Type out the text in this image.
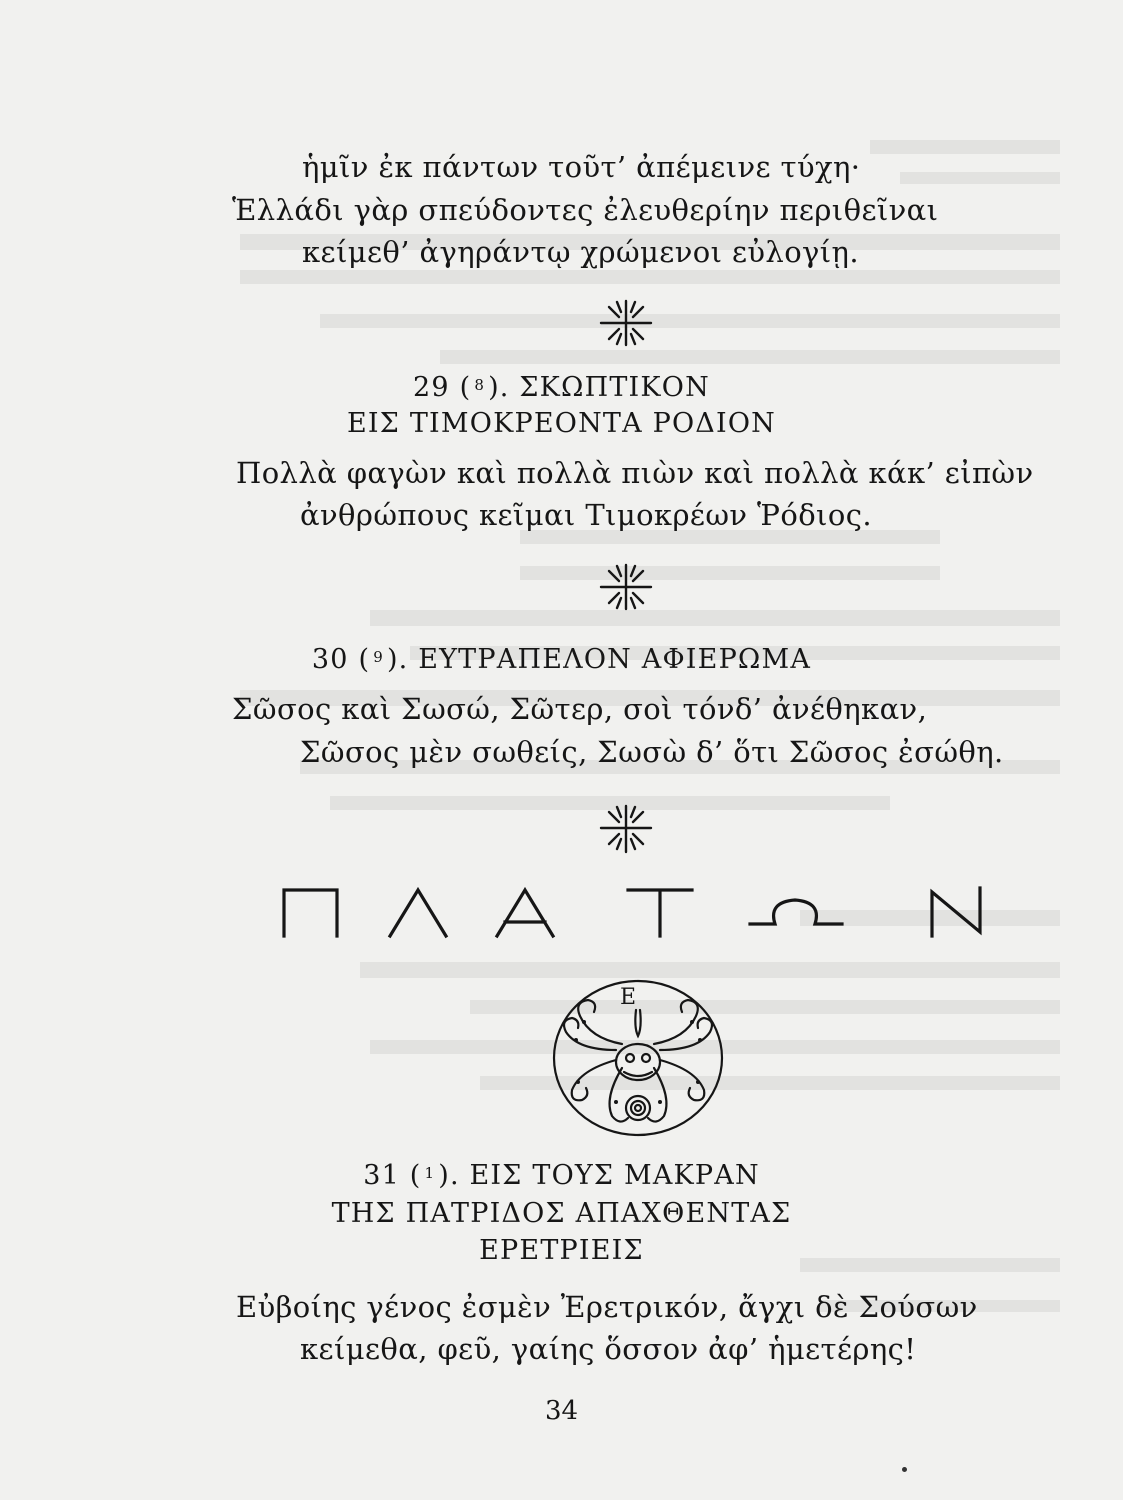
ἡμῖν ἐκ πάντων τοῦτ’ ἀπέμεινε τύχη·
Ἑλλάδι γὰρ σπεύδοντες ἐλευθερίην περιθεῖναι
κείμεθ’ ἀγηράντῳ χρώμενοι εὐλογίῃ.
29 ( $^8$ ). ΣΚΩΠΤΙΚΟΝ
ΕΙΣ ΤΙΜΟΚΡΕΟΝΤΑ ΡΟΔΙΟΝ
Πολλὰ φαγὼν καὶ πολλὰ πιὼν καὶ πολλὰ κάκ’ εἰπὼν
ἀνθρώπους κεῖμαι Τιμοκρέων Ῥόδιος.
30 ( $^9$ ). ΕΥΤΡΑΠΕΛΟΝ ΑΦΙΕΡΩΜΑ
Σῶσος καὶ Σωσώ, Σῶτερ, σοὶ τόνδ’ ἀνέθηκαν,
Σῶσος μὲν σωθείς, Σωσὼ δ’ ὅτι Σῶσος ἐσώθη.
Π	Λ	Α	Τ	Ω	Ν
Ε
31 ( $^1$ ). ΕΙΣ ΤΟΥΣ ΜΑΚΡΑΝ
ΤΗΣ ΠΑΤΡΙΔΟΣ ΑΠΑΧΘΕΝΤΑΣ
ΕΡΕΤΡΙΕΙΣ
Εὐβοίης γένος ἐσμὲν Ἐρετρικόν, ἄγχι δὲ Σούσων
κείμεθα, φεῦ, γαίης ὅσσον ἀφ’ ἡμετέρης!
34
